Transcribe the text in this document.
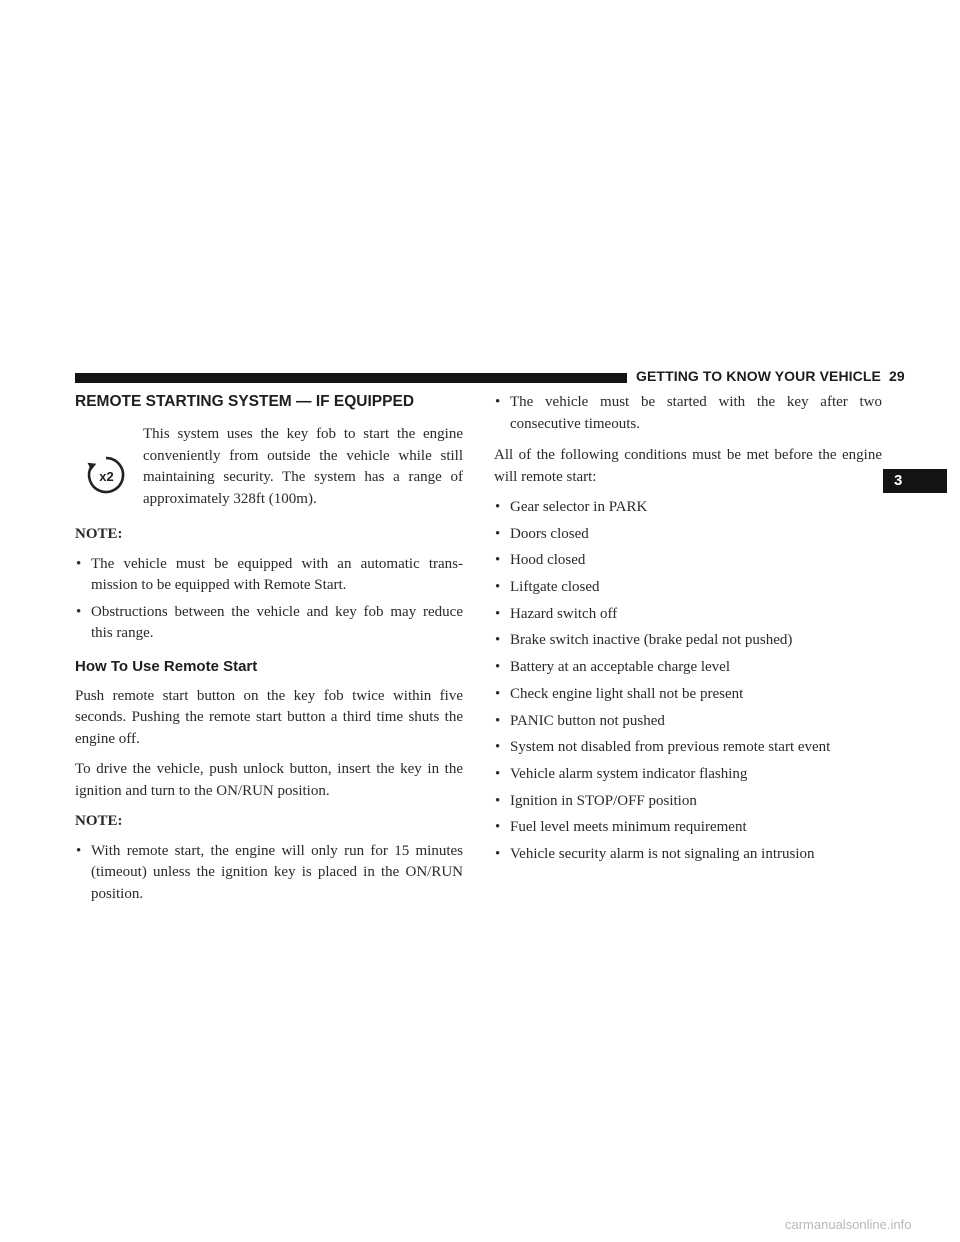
GETTING TO KNOW YOUR VEHICLE 29
3
REMOTE STARTING SYSTEM — IF EQUIPPED
x2
This system uses the key fob to start the engine conveniently from outside the vehicle while still maintaining security. The system has a range of approximately 328ft (100m).
NOTE:
• The vehicle must be equipped with an automatic trans- mission to be equipped with Remote Start.
• Obstructions between the vehicle and key fob may reduce this range.
How To Use Remote Start

Push remote start button on the key fob twice within five seconds. Pushing the remote start button a third time shuts the engine off.

To drive the vehicle, push unlock button, insert the key in the ignition and turn to the ON/RUN position.

NOTE:
• With remote start, the engine will only run for 15 minutes (timeout) unless the ignition key is placed in the ON/RUN position.
• The vehicle must be started with the key after two consecutive timeouts.

All of the following conditions must be met before the engine will remote start:

• Gear selector in PARK
• Doors closed
• Hood closed
• Liftgate closed
• Hazard switch off
• Brake switch inactive (brake pedal not pushed)
• Battery at an acceptable charge level
• Check engine light shall not be present
• PANIC button not pushed
• System not disabled from previous remote start event
• Vehicle alarm system indicator flashing
• Ignition in STOP/OFF position
• Fuel level meets minimum requirement
• Vehicle security alarm is not signaling an intrusion
carmanualsonline.info
